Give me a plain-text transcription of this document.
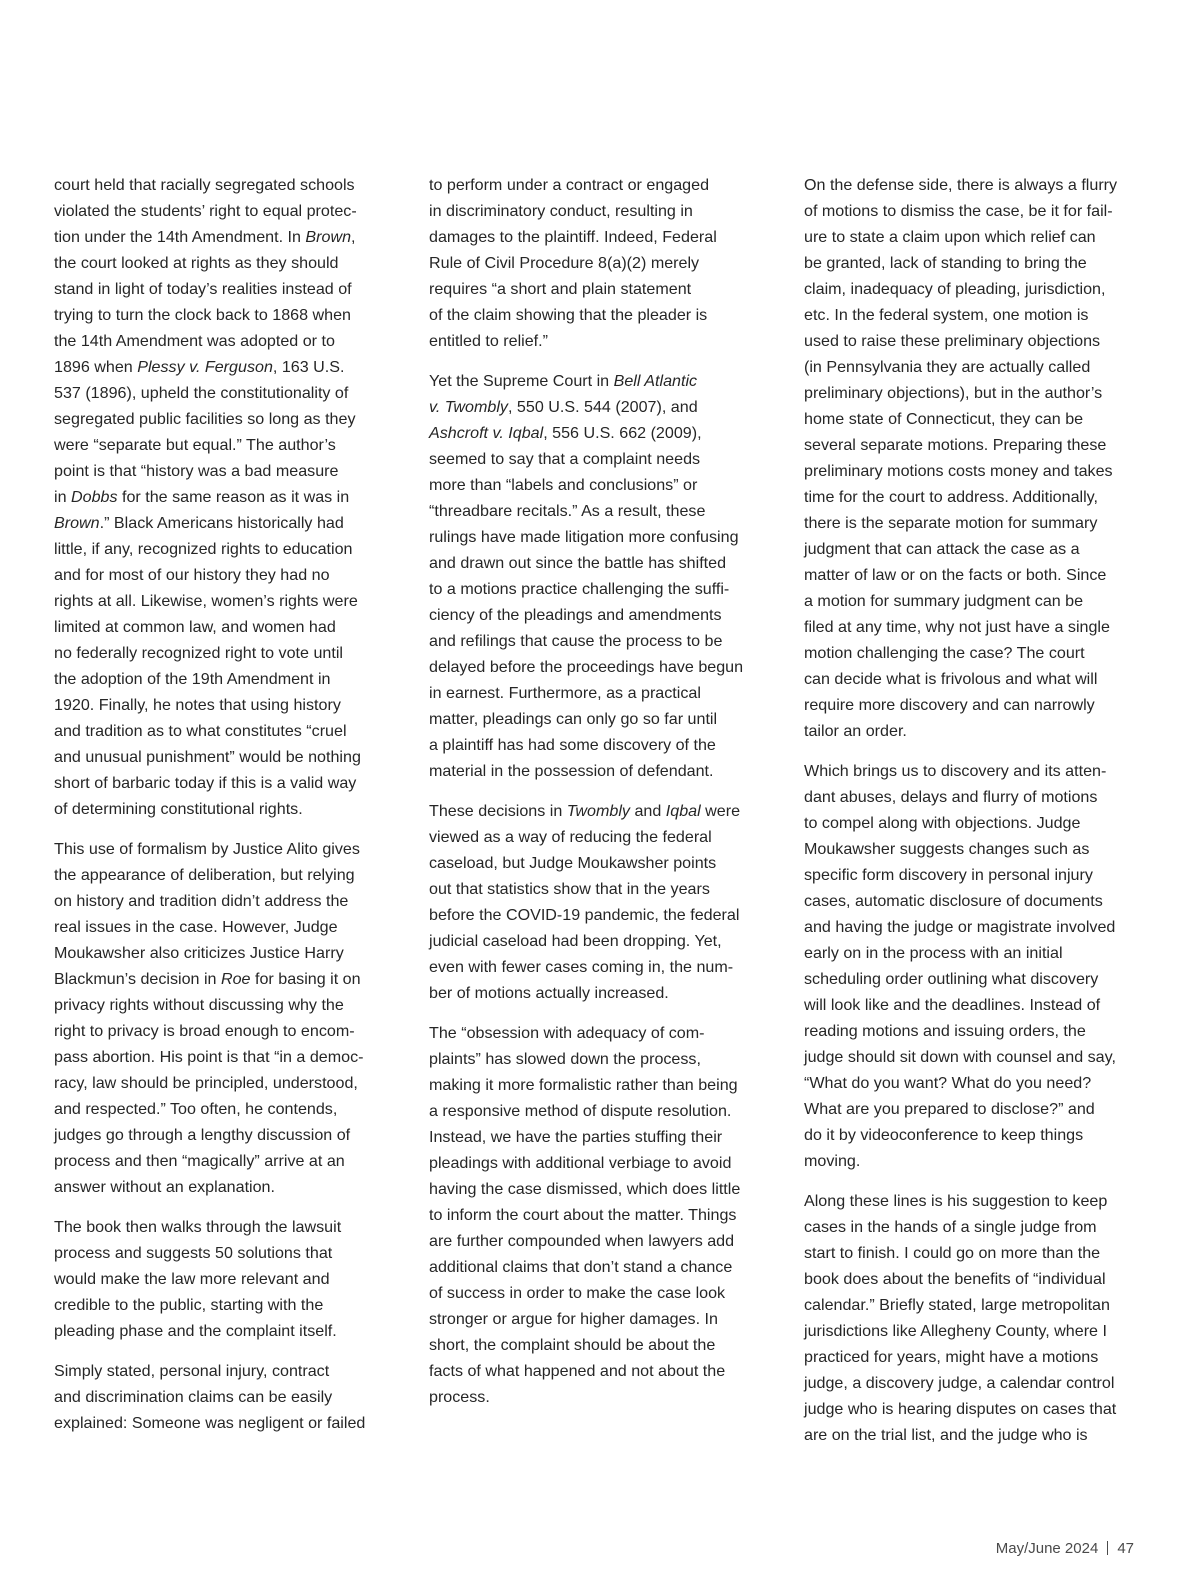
court held that racially segregated schools
violated the students’ right to equal protec-
tion under the 14th Amendment. In Brown,
the court looked at rights as they should
stand in light of today’s realities instead of
trying to turn the clock back to 1868 when
the 14th Amendment was adopted or to
1896 when Plessy v. Ferguson, 163 U.S.
537 (1896), upheld the constitutionality of
segregated public facilities so long as they
were “separate but equal.” The author’s
point is that “history was a bad measure
in Dobbs for the same reason as it was in
Brown.” Black Americans historically had
little, if any, recognized rights to education
and for most of our history they had no
rights at all. Likewise, women’s rights were
limited at common law, and women had
no federally recognized right to vote until
the adoption of the 19th Amendment in
1920. Finally, he notes that using history
and tradition as to what constitutes “cruel
and unusual punishment” would be nothing
short of barbaric today if this is a valid way
of determining constitutional rights.

This use of formalism by Justice Alito gives
the appearance of deliberation, but relying
on history and tradition didn’t address the
real issues in the case. However, Judge
Moukawsher also criticizes Justice Harry
Blackmun’s decision in Roe for basing it on
privacy rights without discussing why the
right to privacy is broad enough to encom-
pass abortion. His point is that “in a democ-
racy, law should be principled, understood,
and respected.” Too often, he contends,
judges go through a lengthy discussion of
process and then “magically” arrive at an
answer without an explanation.

The book then walks through the lawsuit
process and suggests 50 solutions that
would make the law more relevant and
credible to the public, starting with the
pleading phase and the complaint itself.

Simply stated, personal injury, contract
and discrimination claims can be easily
explained: Someone was negligent or failed

to perform under a contract or engaged
in discriminatory conduct, resulting in
damages to the plaintiff. Indeed, Federal
Rule of Civil Procedure 8(a)(2) merely
requires “a short and plain statement
of the claim showing that the pleader is
entitled to relief.”

Yet the Supreme Court in Bell Atlantic
v. Twombly, 550 U.S. 544 (2007), and
Ashcroft v. Iqbal, 556 U.S. 662 (2009),
seemed to say that a complaint needs
more than “labels and conclusions” or
“threadbare recitals.” As a result, these
rulings have made litigation more confusing
and drawn out since the battle has shifted
to a motions practice challenging the suffi-
ciency of the pleadings and amendments
and refilings that cause the process to be
delayed before the proceedings have begun
in earnest. Furthermore, as a practical
matter, pleadings can only go so far until
a plaintiff has had some discovery of the
material in the possession of defendant.

These decisions in Twombly and Iqbal were
viewed as a way of reducing the federal
caseload, but Judge Moukawsher points
out that statistics show that in the years
before the COVID-19 pandemic, the federal
judicial caseload had been dropping. Yet,
even with fewer cases coming in, the num-
ber of motions actually increased.

The “obsession with adequacy of com-
plaints” has slowed down the process,
making it more formalistic rather than being
a responsive method of dispute resolution.
Instead, we have the parties stuffing their
pleadings with additional verbiage to avoid
having the case dismissed, which does little
to inform the court about the matter. Things
are further compounded when lawyers add
additional claims that don’t stand a chance
of success in order to make the case look
stronger or argue for higher damages. In
short, the complaint should be about the
facts of what happened and not about the
process.

On the defense side, there is always a flurry
of motions to dismiss the case, be it for fail-
ure to state a claim upon which relief can
be granted, lack of standing to bring the
claim, inadequacy of pleading, jurisdiction,
etc. In the federal system, one motion is
used to raise these preliminary objections
(in Pennsylvania they are actually called
preliminary objections), but in the author’s
home state of Connecticut, they can be
several separate motions. Preparing these
preliminary motions costs money and takes
time for the court to address. Additionally,
there is the separate motion for summary
judgment that can attack the case as a
matter of law or on the facts or both. Since
a motion for summary judgment can be
filed at any time, why not just have a single
motion challenging the case? The court
can decide what is frivolous and what will
require more discovery and can narrowly
tailor an order.

Which brings us to discovery and its atten-
dant abuses, delays and flurry of motions
to compel along with objections. Judge
Moukawsher suggests changes such as
specific form discovery in personal injury
cases, automatic disclosure of documents
and having the judge or magistrate involved
early on in the process with an initial
scheduling order outlining what discovery
will look like and the deadlines. Instead of
reading motions and issuing orders, the
judge should sit down with counsel and say,
“What do you want? What do you need?
What are you prepared to disclose?” and
do it by videoconference to keep things
moving.

Along these lines is his suggestion to keep
cases in the hands of a single judge from
start to finish. I could go on more than the
book does about the benefits of “individual
calendar.” Briefly stated, large metropolitan
jurisdictions like Allegheny County, where I
practiced for years, might have a motions
judge, a discovery judge, a calendar control
judge who is hearing disputes on cases that
are on the trial list, and the judge who is

May/June 2024 47
